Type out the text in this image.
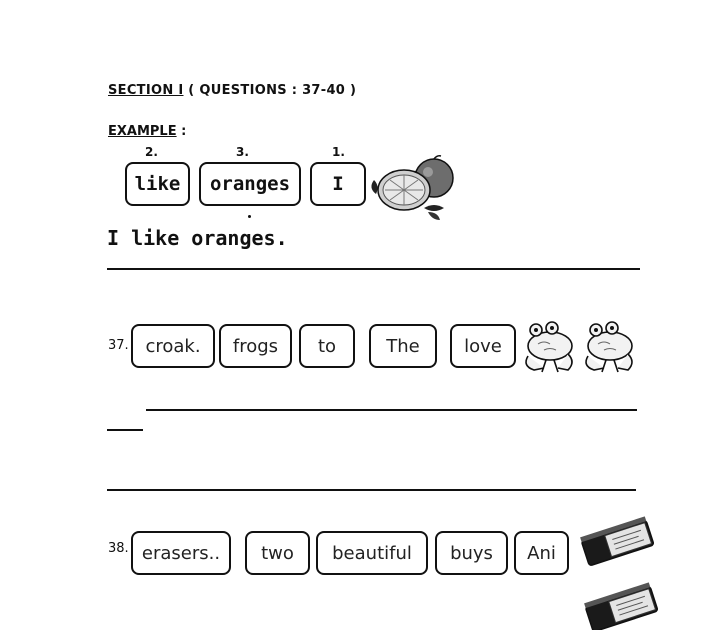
SECTION I ( QUESTIONS : 37-40 )
EXAMPLE :
2.	3.	1.
like	oranges	I
I like oranges.
37. croak.	frogs	to	The	love
38. erasers..	two	beautiful	buys	Ani
